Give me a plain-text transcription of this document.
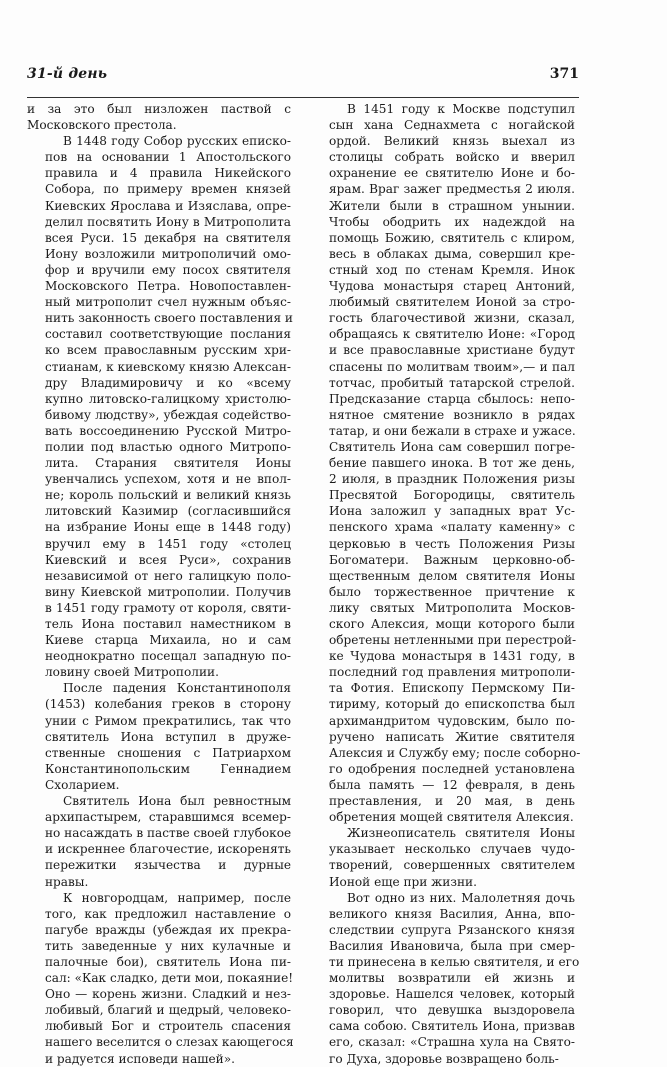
31-й день	371

и за это был низложен паствой с
Московского престола.

В 1448 году Собор русских еписко-
пов на основании 1 Апостольского
правила и 4 правила Никейского
Собора, по примеру времен князей
Киевских Ярослава и Изяслава, опре-
делил посвятить Иону в Митрополита
всея Руси. 15 декабря на святителя
Иону возложили митрополичий омо-
фор и вручили ему посох святителя
Московского Петра. Новопоставлен-
ный митрополит счел нужным объяс-
нить законность своего поставления и
составил соответствующие послания
ко всем православным русским хри-
стианам, к киевскому князю Алексан-
дру Владимировичу и ко «всему
купно литовско-галицкому христолю-
бивому людству», убеждая содейство-
вать воссоединению Русской Митро-
полии под властью одного Митропо-
лита. Старания святителя Ионы
увенчались успехом, хотя и не впол-
не; король польский и великий князь
литовский Казимир (согласившийся
на избрание Ионы еще в 1448 году)
вручил ему в 1451 году «столец
Киевский и всея Руси», сохранив
независимой от него галицкую поло-
вину Киевской митрополии. Получив
в 1451 году грамоту от короля, святи-
тель Иона поставил наместником в
Киеве старца Михаила, но и сам
неоднократно посещал западную по-
ловину своей Митрополии.

После падения Константинополя
(1453) колебания греков в сторону
унии с Римом прекратились, так что
святитель Иона вступил в друже-
ственные сношения с Патриархом
Константинопольским Геннадием
Схоларием.

Святитель Иона был ревностным
архипастырем, старавшимся всемер-
но насаждать в пастве своей глубокое
и искреннее благочестие, искоренять
пережитки язычества и дурные
нравы.

К новгородцам, например, после
того, как предложил наставление о
пагубе вражды (убеждая их прекра-
тить заведенные у них кулачные и
палочные бои), святитель Иона пи-
сал: «Как сладко, дети мои, покаяние!
Оно — корень жизни. Сладкий и нез-
лобивый, благий и щедрый, человеко-
любивый Бог и строитель спасения
нашего веселится о слезах кающегося
и радуется исповеди нашей».

В 1451 году к Москве подступил
сын хана Седнахмета с ногайской
ордой. Великий князь выехал из
столицы собрать войско и вверил
охранение ее святителю Ионе и бо-
ярам. Враг зажег предместья 2 июля.
Жители были в страшном унынии.
Чтобы ободрить их надеждой на
помощь Божию, святитель с клиром,
весь в облаках дыма, совершил кре-
стный ход по стенам Кремля. Инок
Чудова монастыря старец Антоний,
любимый святителем Ионой за стро-
гость благочестивой жизни, сказал,
обращаясь к святителю Ионе: «Город
и все православные христиане будут
спасены по молитвам твоим»,— и пал
тотчас, пробитый татарской стрелой.
Предсказание старца сбылось: непо-
нятное смятение возникло в рядах
татар, и они бежали в страхе и ужасе.
Святитель Иона сам совершил погре-
бение павшего инока. В тот же день,
2 июля, в праздник Положения ризы
Пресвятой Богородицы, святитель
Иона заложил у западных врат Ус-
пенского храма «палату каменну» с
церковью в честь Положения Ризы
Богоматери. Важным церковно-об-
щественным делом святителя Ионы
было торжественное причтение к
лику святых Митрополита Москов-
ского Алексия, мощи которого были
обретены нетленными при перестрой-
ке Чудова монастыря в 1431 году, в
последний год правления митрополи-
та Фотия. Епископу Пермскому Пи-
тириму, который до епископства был
архимандритом чудовским, было по-
ручено написать Житие святителя
Алексия и Службу ему; после соборно-
го одобрения последней установлена
была память — 12 февраля, в день
преставления, и 20 мая, в день
обретения мощей святителя Алексия.

Жизнеописатель святителя Ионы
указывает несколько случаев чудо-
творений, совершенных святителем
Ионой еще при жизни.

Вот одно из них. Малолетняя дочь
великого князя Василия, Анна, впо-
следствии супруга Рязанского князя
Василия Ивановича, была при смер-
ти принесена в келью святителя, и его
молитвы возвратили ей жизнь и
здоровье. Нашелся человек, который
говорил, что девушка выздоровела
сама собою. Святитель Иона, призвав
его, сказал: «Страшна хула на Свято-
го Духа, здоровье возвращено боль-
